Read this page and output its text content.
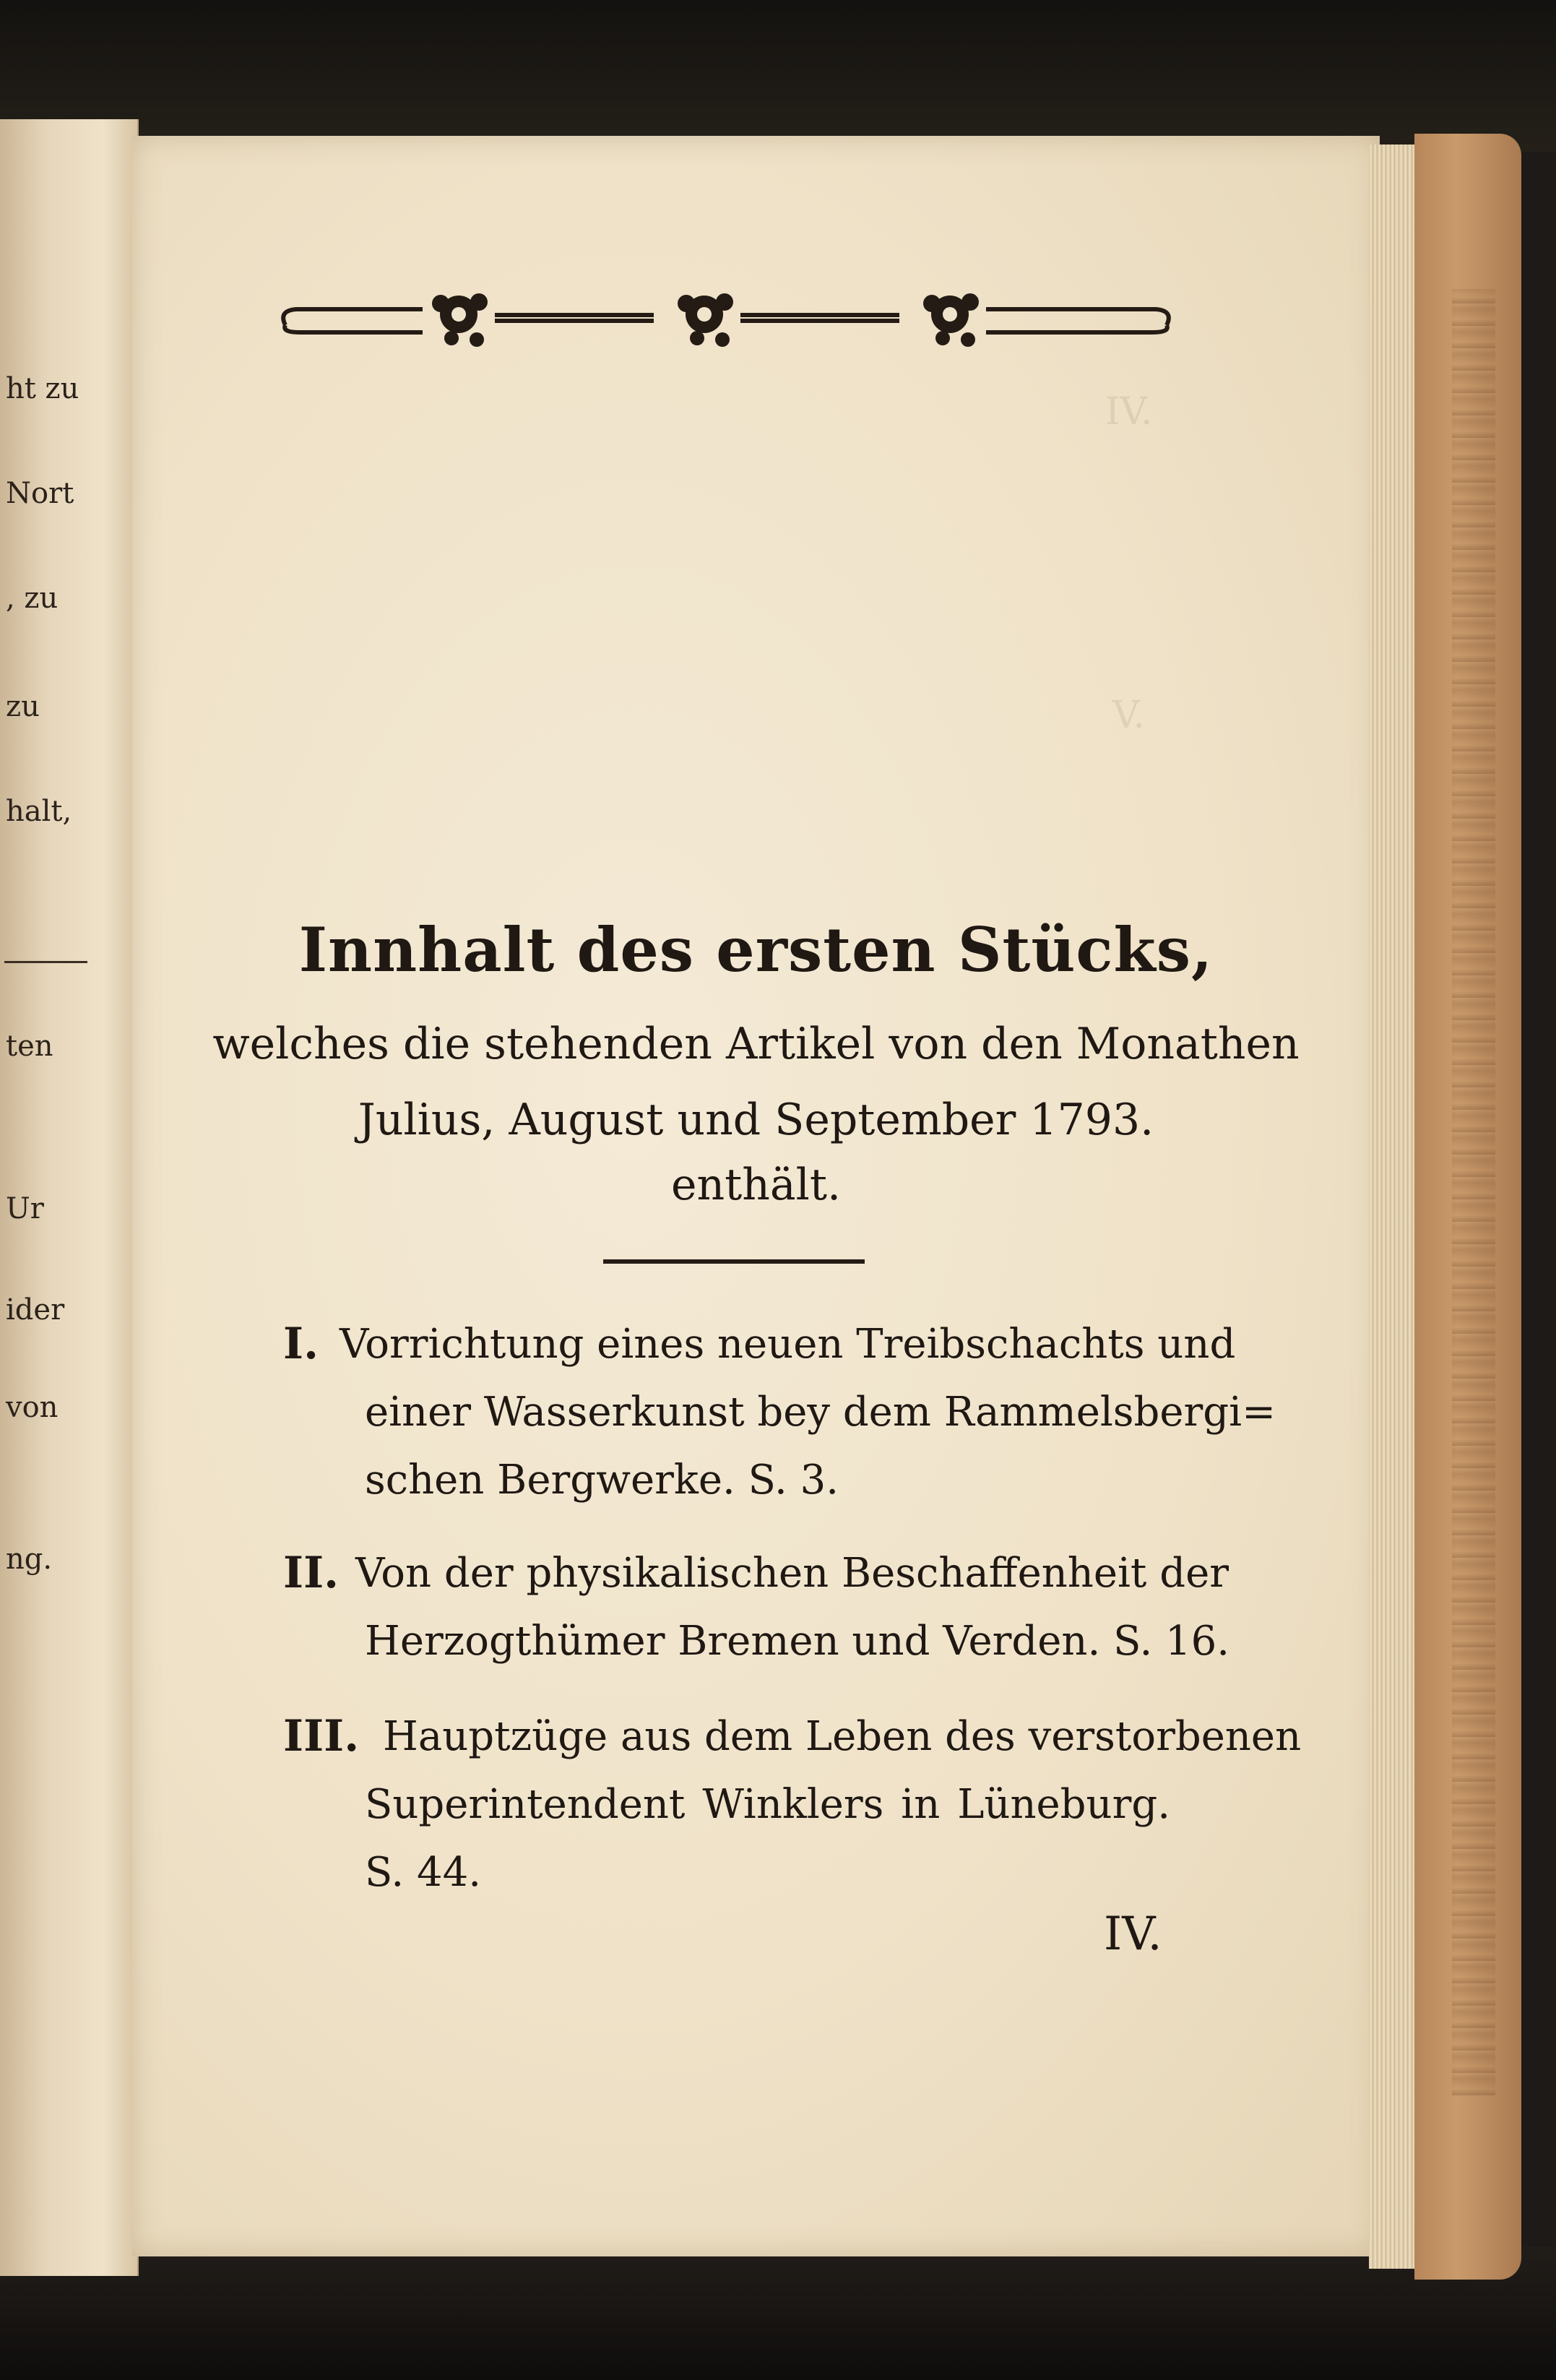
ht zu
Nort
, zu
zu
halt,
ten
Ur
ider
von
ng.
IV.
V.
Innhalt des ersten Stücks,
welches die stehenden Artikel von den Monathen
Julius, August und September 1793.
enthält.
I. Vorrichtung eines neuen Treibschachts und
einer Wasserkunst bey dem Rammelsbergi=
schen Bergwerke. S. 3.
II. Von der physikalischen Beschaffenheit der
Herzogthümer Bremen und Verden. S. 16.
III. Hauptzüge aus dem Leben des verstorbenen
Superintendent Winklers in Lüneburg.
S. 44.
IV.
